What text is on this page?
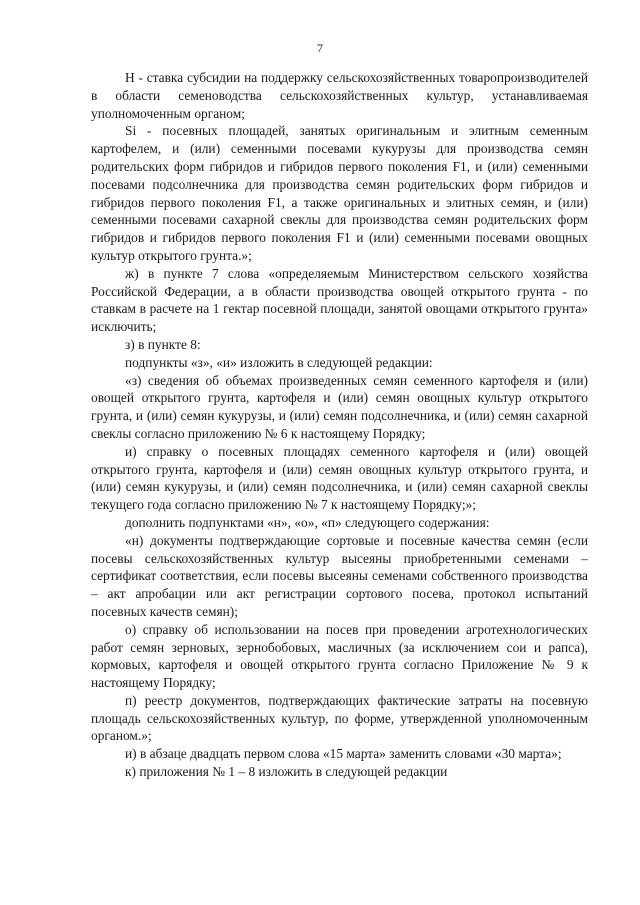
7

H - ставка субсидии на поддержку сельскохозяйственных товаропроизводителей в области семеноводства сельскохозяйственных культур, устанавливаемая уполномоченным органом;

Si - посевных площадей, занятых оригинальным и элитным семенным картофелем, и (или) семенными посевами кукурузы для производства семян родительских форм гибридов и гибридов первого поколения F1, и (или) семенными посевами подсолнечника для производства семян родительских форм гибридов и гибридов первого поколения F1, а также оригинальных и элитных семян, и (или) семенными посевами сахарной свеклы для производства семян родительских форм гибридов и гибридов первого поколения F1 и (или) семенными посевами овощных культур открытого грунта.»;

ж) в пункте 7 слова «определяемым Министерством сельского хозяйства Российской Федерации, а в области производства овощей открытого грунта - по ставкам в расчете на 1 гектар посевной площади, занятой овощами открытого грунта» исключить;

з) в пункте 8:

подпункты «з», «и» изложить в следующей редакции:

«з) сведения об объемах произведенных семян семенного картофеля и (или) овощей открытого грунта, картофеля и (или) семян овощных культур открытого грунта, и (или) семян кукурузы, и (или) семян подсолнечника, и (или) семян сахарной свеклы согласно приложению № 6 к настоящему Порядку;

и) справку о посевных площадях семенного картофеля и (или) овощей открытого грунта, картофеля и (или) семян овощных культур открытого грунта, и (или) семян кукурузы, и (или) семян подсолнечника, и (или) семян сахарной свеклы текущего года согласно приложению № 7 к настоящему Порядку;»;

дополнить подпунктами «н», «о», «п» следующего содержания:

«н) документы подтверждающие сортовые и посевные качества семян (если посевы сельскохозяйственных культур высеяны приобретенными семенами – сертификат соответствия, если посевы высеяны семенами собственного производства – акт апробации или акт регистрации сортового посева, протокол испытаний посевных качеств семян);

о) справку об использовании на посев при проведении агротехнологических работ семян зерновых, зернобобовых, масличных (за исключением сои и рапса), кормовых, картофеля и овощей открытого грунта согласно Приложение № 9 к настоящему Порядку;

п) реестр документов, подтверждающих фактические затраты на посевную площадь сельскохозяйственных культур, по форме, утвержденной уполномоченным органом.»;

и) в абзаце двадцать первом слова «15 марта» заменить словами «30 марта»;

к) приложения № 1 – 8 изложить в следующей редакции
